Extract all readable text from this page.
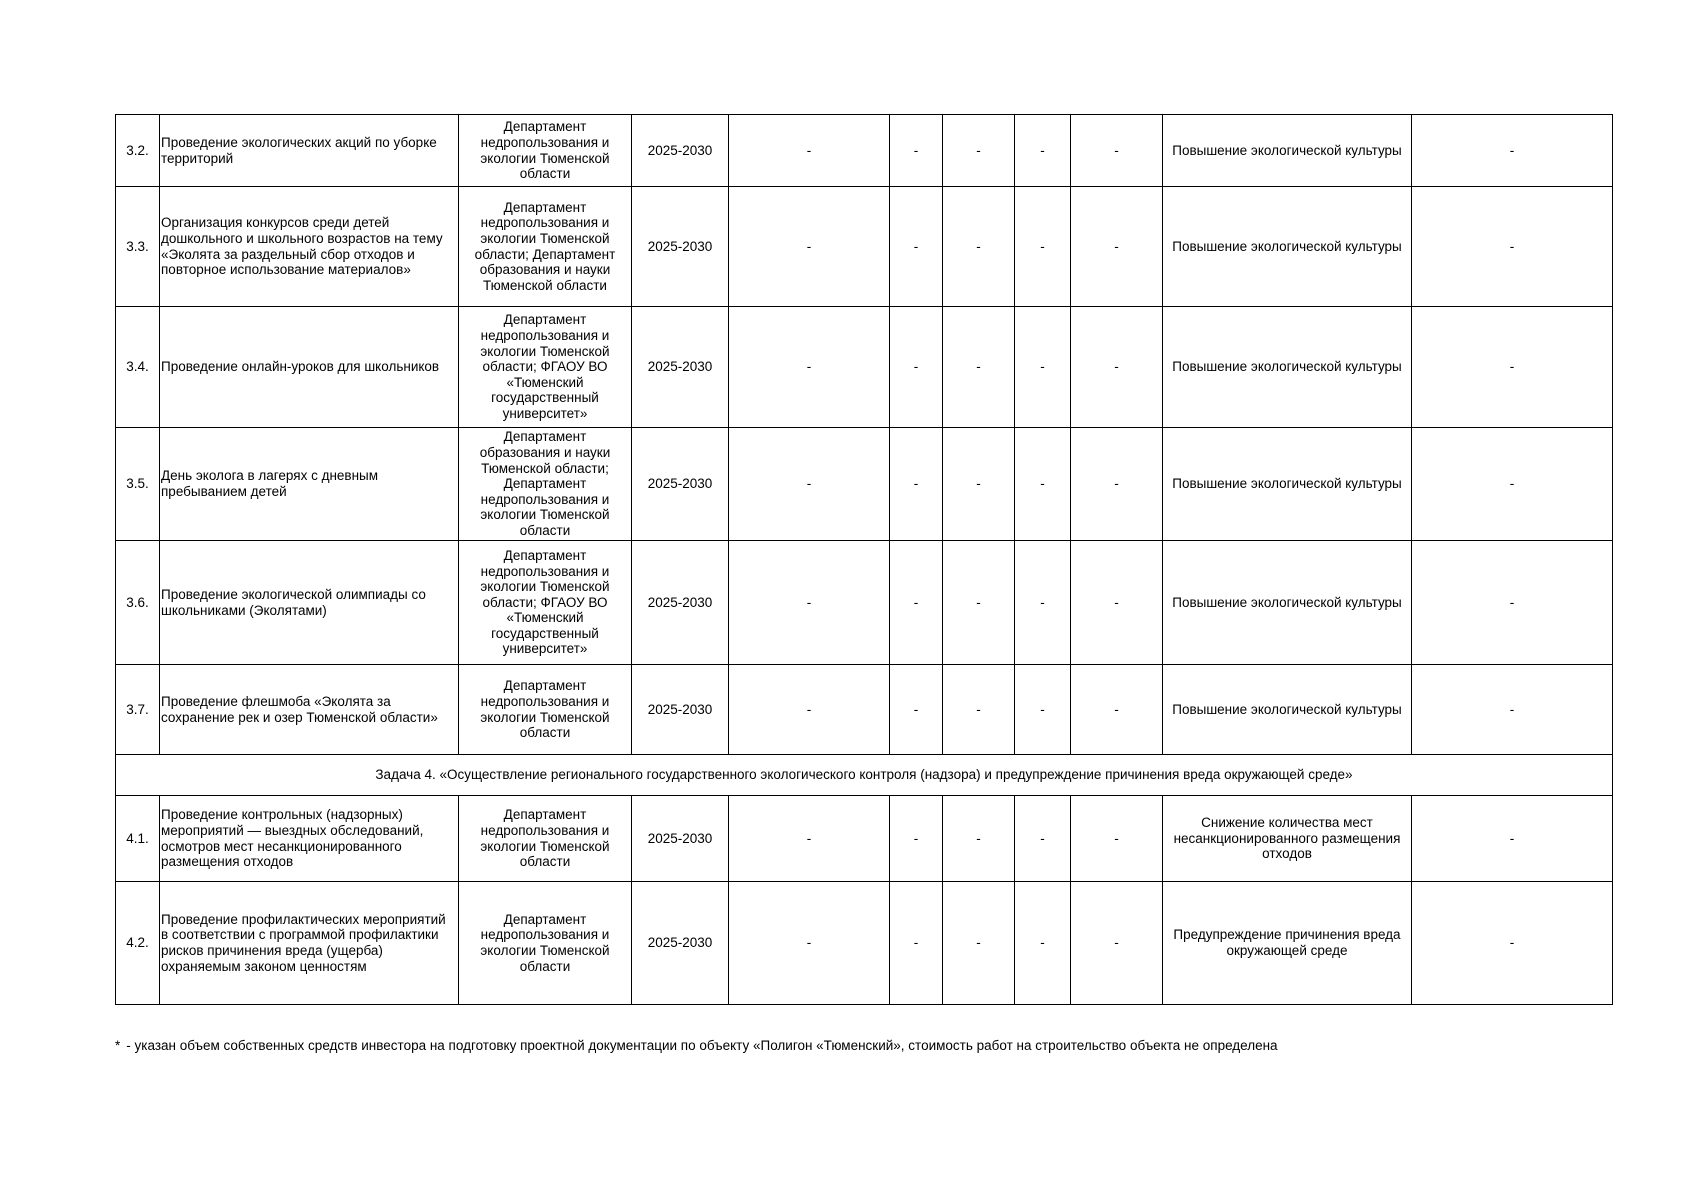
3.2.	Проведение экологических акций по уборке территорий	Департамент недропользования и экологии Тюменской области	2025-2030	-	-	-	-	-	Повышение экологической культуры	-
3.3.	Организация конкурсов среди детей дошкольного и школьного возрастов на тему «Эколята за раздельный сбор отходов и повторное использование материалов»	Департамент недропользования и экологии Тюменской области; Департамент образования и науки Тюменской области	2025-2030	-	-	-	-	-	Повышение экологической культуры	-
3.4.	Проведение онлайн-уроков для школьников	Департамент недропользования и экологии Тюменской области; ФГАОУ ВО «Тюменский государственный университет»	2025-2030	-	-	-	-	-	Повышение экологической культуры	-
3.5.	День эколога в лагерях с дневным пребыванием детей	Департамент образования и науки Тюменской области; Департамент недропользования и экологии Тюменской области	2025-2030	-	-	-	-	-	Повышение экологической культуры	-
3.6.	Проведение экологической олимпиады со школьниками (Эколятами)	Департамент недропользования и экологии Тюменской области; ФГАОУ ВО «Тюменский государственный университет»	2025-2030	-	-	-	-	-	Повышение экологической культуры	-
3.7.	Проведение флешмоба «Эколята за сохранение рек и озер Тюменской области»	Департамент недропользования и экологии Тюменской области	2025-2030	-	-	-	-	-	Повышение экологической культуры	-
Задача 4. «Осуществление регионального государственного экологического контроля (надзора) и предупреждение причинения вреда окружающей среде»										
4.1.	Проведение контрольных (надзорных) мероприятий — выездных обследований, осмотров мест несанкционированного размещения отходов	Департамент недропользования и экологии Тюменской области	2025-2030	-	-	-	-	-	Снижение количества мест несанкционированного размещения отходов	-
4.2.	Проведение профилактических мероприятий в соответствии с программой профилактики рисков причинения вреда (ущерба) охраняемым законом ценностям	Департамент недропользования и экологии Тюменской области	2025-2030	-	-	-	-	-	Предупреждение причинения вреда окружающей среде	-
* - указан объем собственных средств инвестора на подготовку проектной документации по объекту «Полигон «Тюменский», стоимость работ на строительство объекта не определена
